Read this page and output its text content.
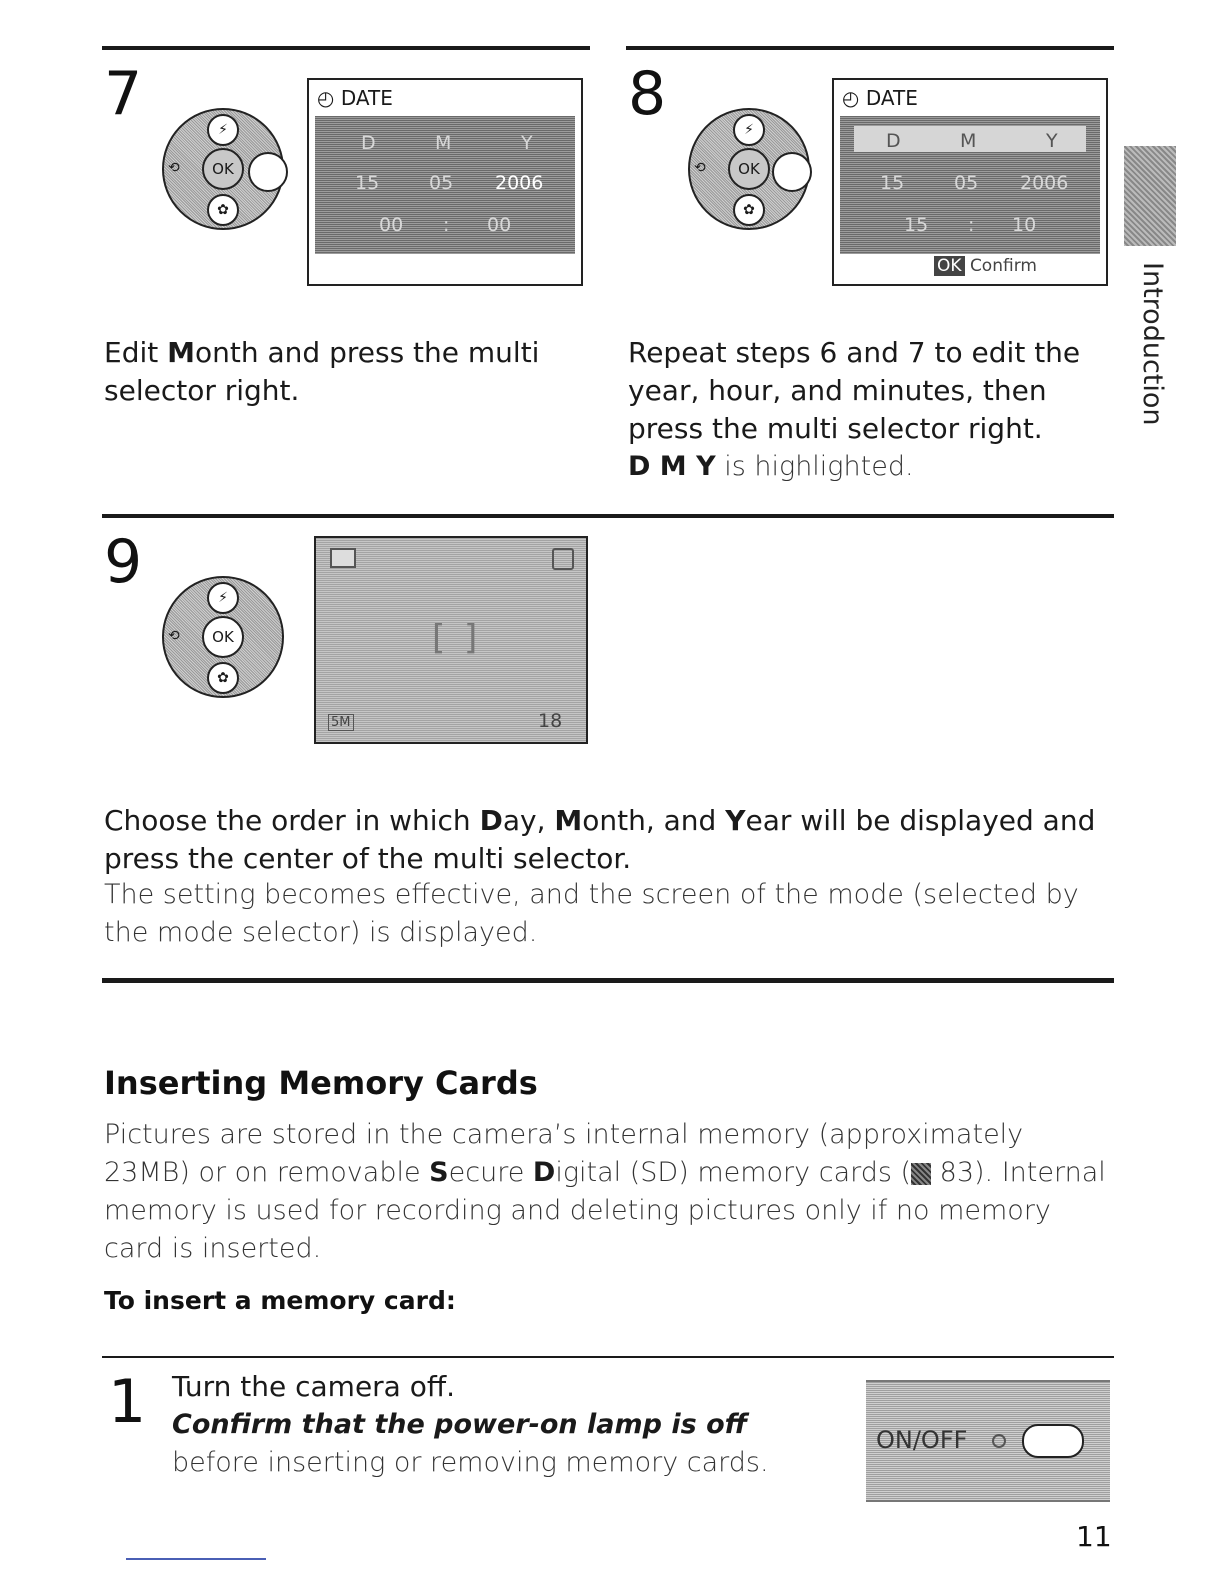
Introduction
7
⚡
✿
⟲	OK
◴ DATE
D	M	Y
15	05 2006
00 : 00
Edit Month and press the multi selector right.
8
⚡
✿
⟲	OK
◴ DATE
D	M	Y
15	05 2006
15 : 10
OK Confirm
Repeat steps 6 and 7 to edit the year, hour, and minutes, then press the multi selector right.
D M Y is highlighted.
9
⚡
✿
⟲	OK	[ ]
5M	18
Choose the order in which Day, Month, and Year will be displayed and press the center of the multi selector.
The setting becomes effective, and the screen of the mode (selected by the mode selector) is displayed.
Inserting Memory Cards
Pictures are stored in the camera’s internal memory (approximately 23MB) or on removable Secure Digital (SD) memory cards ( 83). Internal memory is used for recording and deleting pictures only if no memory card is inserted.
To insert a memory card:
1 Turn the camera off.
Confirm that the power-on lamp is off before inserting or removing memory cards.
ON/OFF
11
